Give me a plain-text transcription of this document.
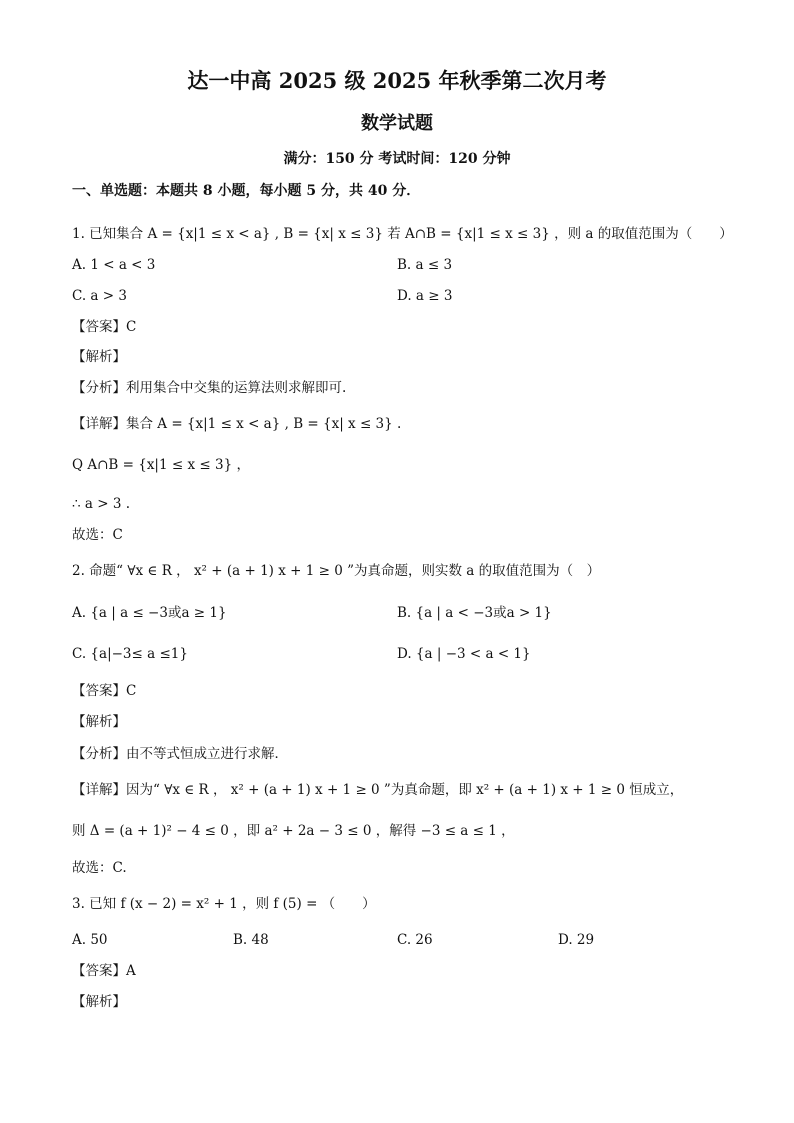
达一中高 2025 级 2025 年秋季第二次月考
数学试题
满分：150 分 考试时间：120 分钟
一、单选题：本题共 8 小题，每小题 5 分，共 40 分．
1. 已知集合 A = {x|1 ≤ x < a} , B = {x| x ≤ 3} 若 A∩B = {x|1 ≤ x ≤ 3} ，则 a 的取值范围为（　　）
A. 1 < a < 3	B. a ≤ 3
C. a > 3	D. a ≥ 3
【答案】C
【解析】
【分析】利用集合中交集的运算法则求解即可.
【详解】集合 A = {x|1 ≤ x < a} , B = {x| x ≤ 3} .
Q A∩B = {x|1 ≤ x ≤ 3} ，
∴ a > 3 .
故选：C
2. 命题“ ∀x ∈ R ， x² + (a + 1) x + 1 ≥ 0 ”为真命题，则实数 a 的取值范围为（　）
A. {a | a ≤ −3或a ≥ 1}	B. {a | a < −3或a > 1}
C. {a|−3≤ a ≤1}	D. {a | −3 < a < 1}
【答案】C
【解析】
【分析】由不等式恒成立进行求解．
【详解】因为“ ∀x ∈ R ， x² + (a + 1) x + 1 ≥ 0 ”为真命题，即 x² + (a + 1) x + 1 ≥ 0 恒成立，
则 Δ = (a + 1)² − 4 ≤ 0 ，即 a² + 2a − 3 ≤ 0 ，解得 −3 ≤ a ≤ 1 ，
故选：C.
3. 已知 f (x − 2) = x² + 1 ，则 f (5) = （　　）
A. 50	B. 48	C. 26	D. 29
【答案】A
【解析】
